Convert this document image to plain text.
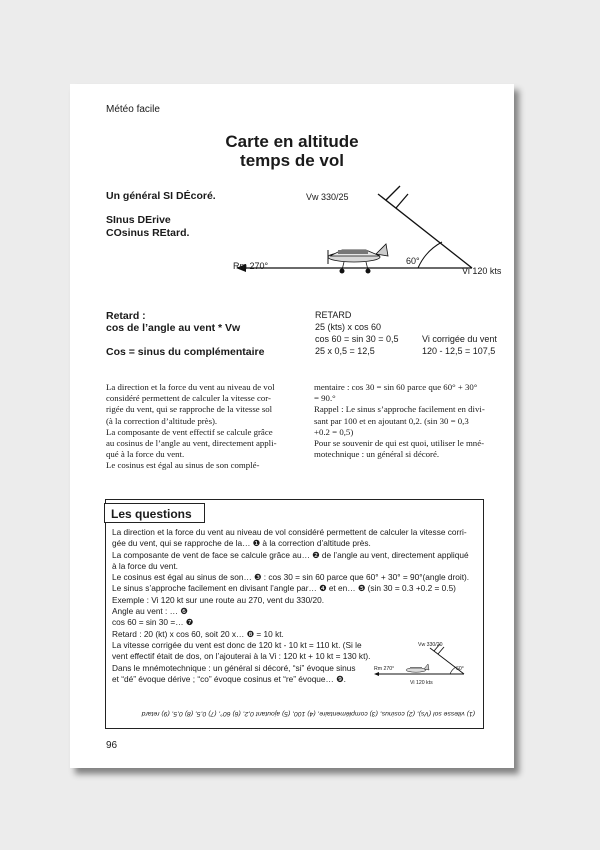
Météo facile
Carte en altitude
temps de vol
Un général SI DÉcoré.
SInus DErive
COsinus REtard.
Vw 330/25
60°
Rm 270°	Vi 120 kts
Retard :
cos de l’angle au vent * Vw
Cos = sinus du complémentaire
RETARD
25 (kts) x cos 60
cos 60 = sin 30 = 0,5
25 x 0,5 = 12,5
Vi corrigée du vent
120 - 12,5 = 107,5
La direction et la force du vent au niveau de vol
considéré permettent de calculer la vitesse cor-
rigée du vent, qui se rapproche de la vitesse sol
(à la correction d’altitude près).
La composante de vent effectif se calcule grâce
au cosinus de l’angle au vent, directement appli-
qué à la force du vent.
Le cosinus est égal au sinus de son complé-
mentaire : cos 30 = sin 60 parce que 60° + 30°
= 90.°
Rappel : Le sinus s’approche facilement en divi-
sant par 100 et en ajoutant 0,2. (sin 30 = 0,3
+0.2 = 0,5)
Pour se souvenir de qui est quoi, utiliser le mné-
motechnique : un général si décoré.
Les questions
La direction et la force du vent au niveau de vol considéré permettent de calculer la vitesse corri-
gée du vent, qui se rapproche de la… ❶ à la correction d’altitude près.
La composante de vent de face se calcule grâce au… ❷ de l’angle au vent, directement appliqué
à la force du vent.
Le cosinus est égal au sinus de son… ❸ : cos 30 = sin 60 parce que 60° + 30° = 90°(angle droit).
Le sinus s’approche facilement en divisant l’angle par… ❹ et en… ❺ (sin 30 = 0.3 +0.2 = 0.5)
Exemple : Vi 120 kt sur une route au 270, vent du 330/20.
Angle au vent : … ❻
cos 60 = sin 30 =… ❼
Retard : 20 (kt) x cos 60, soit 20 x… ❽ = 10 kt.
La vitesse corrigée du vent est donc de 120 kt - 10 kt = 110 kt. (Si le
vent effectif était de dos, on l’ajouterai à la Vi : 120 kt + 10 kt = 130 kt).
Dans le mnémotechnique : un général si décoré, “si” évoque sinus
et “dé” évoque dérive ; “co” évoque cosinus et “re” évoque… ❾.
Vw 330/20
60°
Rm 270°
Vi 120 kts
(1) vitesse sol (Vs), (2) cosinus, (3) complémentaire, (4) 100, (5) ajoutant 0,2, (6) 60°, (7) 0,5, (8) 0,5, (9) retard
96
